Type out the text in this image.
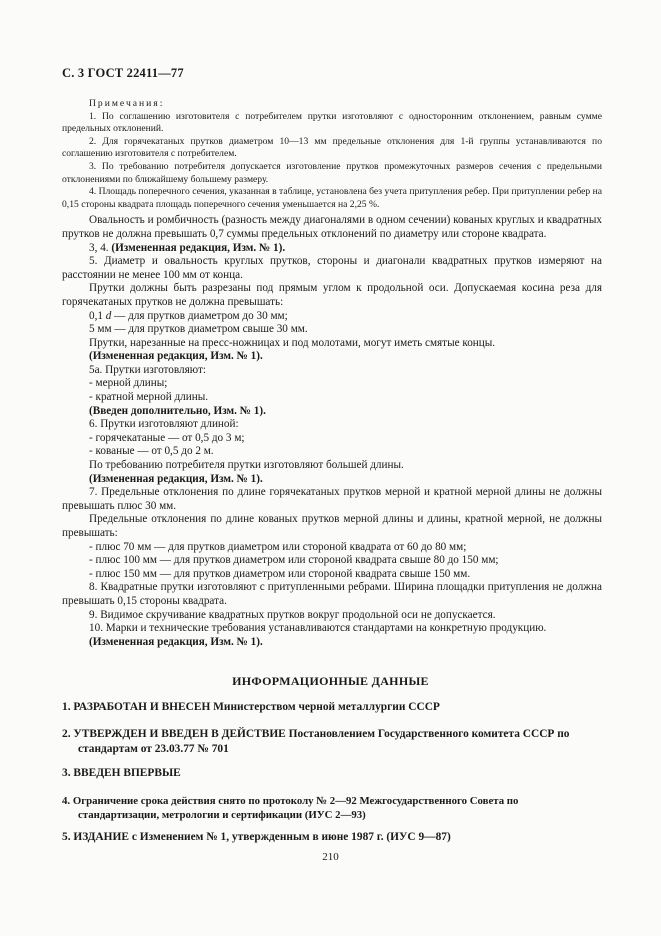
С. 3 ГОСТ 22411—77

Примечания:

1. По соглашению изготовителя с потребителем прутки изготовляют с односторонним отклонением, равным сумме предельных отклонений.

2. Для горячекатаных прутков диаметром 10—13 мм предельные отклонения для 1-й группы устанавливаются по соглашению изготовителя с потребителем.

3. По требованию потребителя допускается изготовление прутков промежуточных размеров сечения с предельными отклонениями по ближайшему большему размеру.

4. Площадь поперечного сечения, указанная в таблице, установлена без учета притупления ребер. При притуплении ребер на 0,15 стороны квадрата площадь поперечного сечения уменьшается на 2,25 %.

Овальность и ромбичность (разность между диагоналями в одном сечении) кованых круглых и квадратных прутков не должна превышать 0,7 суммы предельных отклонений по диаметру или стороне квадрата.

3, 4. (Измененная редакция, Изм. № 1).

5. Диаметр и овальность круглых прутков, стороны и диагонали квадратных прутков измеряют на расстоянии не менее 100 мм от конца.

Прутки должны быть разрезаны под прямым углом к продольной оси. Допускаемая косина реза для горячекатаных прутков не должна превышать:

0,1 d — для прутков диаметром до 30 мм;

5 мм — для прутков диаметром свыше 30 мм.

Прутки, нарезанные на пресс-ножницах и под молотами, могут иметь смятые концы.

(Измененная редакция, Изм. № 1).

5а. Прутки изготовляют:

- мерной длины;

- кратной мерной длины.

(Введен дополнительно, Изм. № 1).

6. Прутки изготовляют длиной:

- горячекатаные — от 0,5 до 3 м;

- кованые — от 0,5 до 2 м.

По требованию потребителя прутки изготовляют большей длины.

(Измененная редакция, Изм. № 1).

7. Предельные отклонения по длине горячекатаных прутков мерной и кратной мерной длины не должны превышать плюс 30 мм.

Предельные отклонения по длине кованых прутков мерной длины и длины, кратной мерной, не должны превышать:

- плюс 70 мм — для прутков диаметром или стороной квадрата от 60 до 80 мм;

- плюс 100 мм — для прутков диаметром или стороной квадрата свыше 80 до 150 мм;

- плюс 150 мм — для прутков диаметром или стороной квадрата свыше 150 мм.

8. Квадратные прутки изготовляют с притупленными ребрами. Ширина площадки притупления не должна превышать 0,15 стороны квадрата.

9. Видимое скручивание квадратных прутков вокруг продольной оси не допускается.

10. Марки и технические требования устанавливаются стандартами на конкретную продукцию.

(Измененная редакция, Изм. № 1).

ИНФОРМАЦИОННЫЕ ДАННЫЕ
1. РАЗРАБОТАН И ВНЕСЕН Министерством черной металлургии СССР
2. УТВЕРЖДЕН И ВВЕДЕН В ДЕЙСТВИЕ Постановлением Государственного комитета СССР по стандартам от 23.03.77 № 701
3. ВВЕДЕН ВПЕРВЫЕ
4. Ограничение срока действия снято по протоколу № 2—92 Межгосударственного Совета по стандартизации, метрологии и сертификации (ИУС 2—93)
5. ИЗДАНИЕ с Изменением № 1, утвержденным в июне 1987 г. (ИУС 9—87)
210
